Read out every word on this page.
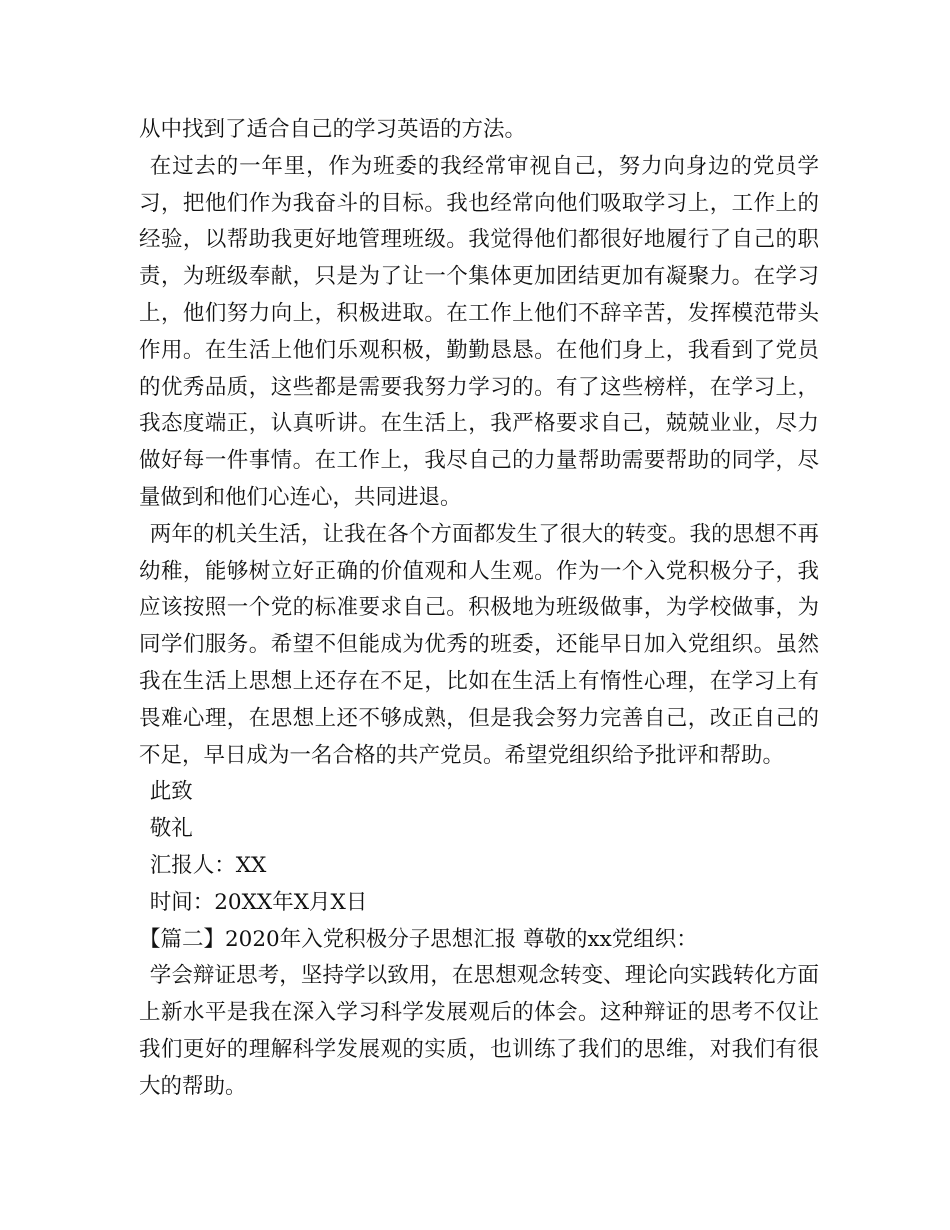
从中找到了适合自己的学习英语的方法。

在过去的一年里，作为班委的我经常审视自己，努力向身边的党员学习，把他们作为我奋斗的目标。我也经常向他们吸取学习上，工作上的经验，以帮助我更好地管理班级。我觉得他们都很好地履行了自己的职责，为班级奉献，只是为了让一个集体更加团结更加有凝聚力。在学习上，他们努力向上，积极进取。在工作上他们不辞辛苦，发挥模范带头作用。在生活上他们乐观积极，勤勤恳恳。在他们身上，我看到了党员的优秀品质，这些都是需要我努力学习的。有了这些榜样，在学习上，我态度端正，认真听讲。在生活上，我严格要求自己，兢兢业业，尽力做好每一件事情。在工作上，我尽自己的力量帮助需要帮助的同学，尽量做到和他们心连心，共同进退。

两年的机关生活，让我在各个方面都发生了很大的转变。我的思想不再幼稚，能够树立好正确的价值观和人生观。作为一个入党积极分子，我应该按照一个党的标准要求自己。积极地为班级做事，为学校做事，为同学们服务。希望不但能成为优秀的班委，还能早日加入党组织。虽然我在生活上思想上还存在不足，比如在生活上有惰性心理，在学习上有畏难心理，在思想上还不够成熟，但是我会努力完善自己，改正自己的不足，早日成为一名合格的共产党员。希望党组织给予批评和帮助。

此致

敬礼

汇报人：XX

时间：20XX年X月X日

【篇二】2020年入党积极分子思想汇报 尊敬的xx党组织：

学会辩证思考，坚持学以致用，在思想观念转变、理论向实践转化方面上新水平是我在深入学习科学发展观后的体会。这种辩证的思考不仅让我们更好的理解科学发展观的实质，也训练了我们的思维，对我们有很大的帮助。
